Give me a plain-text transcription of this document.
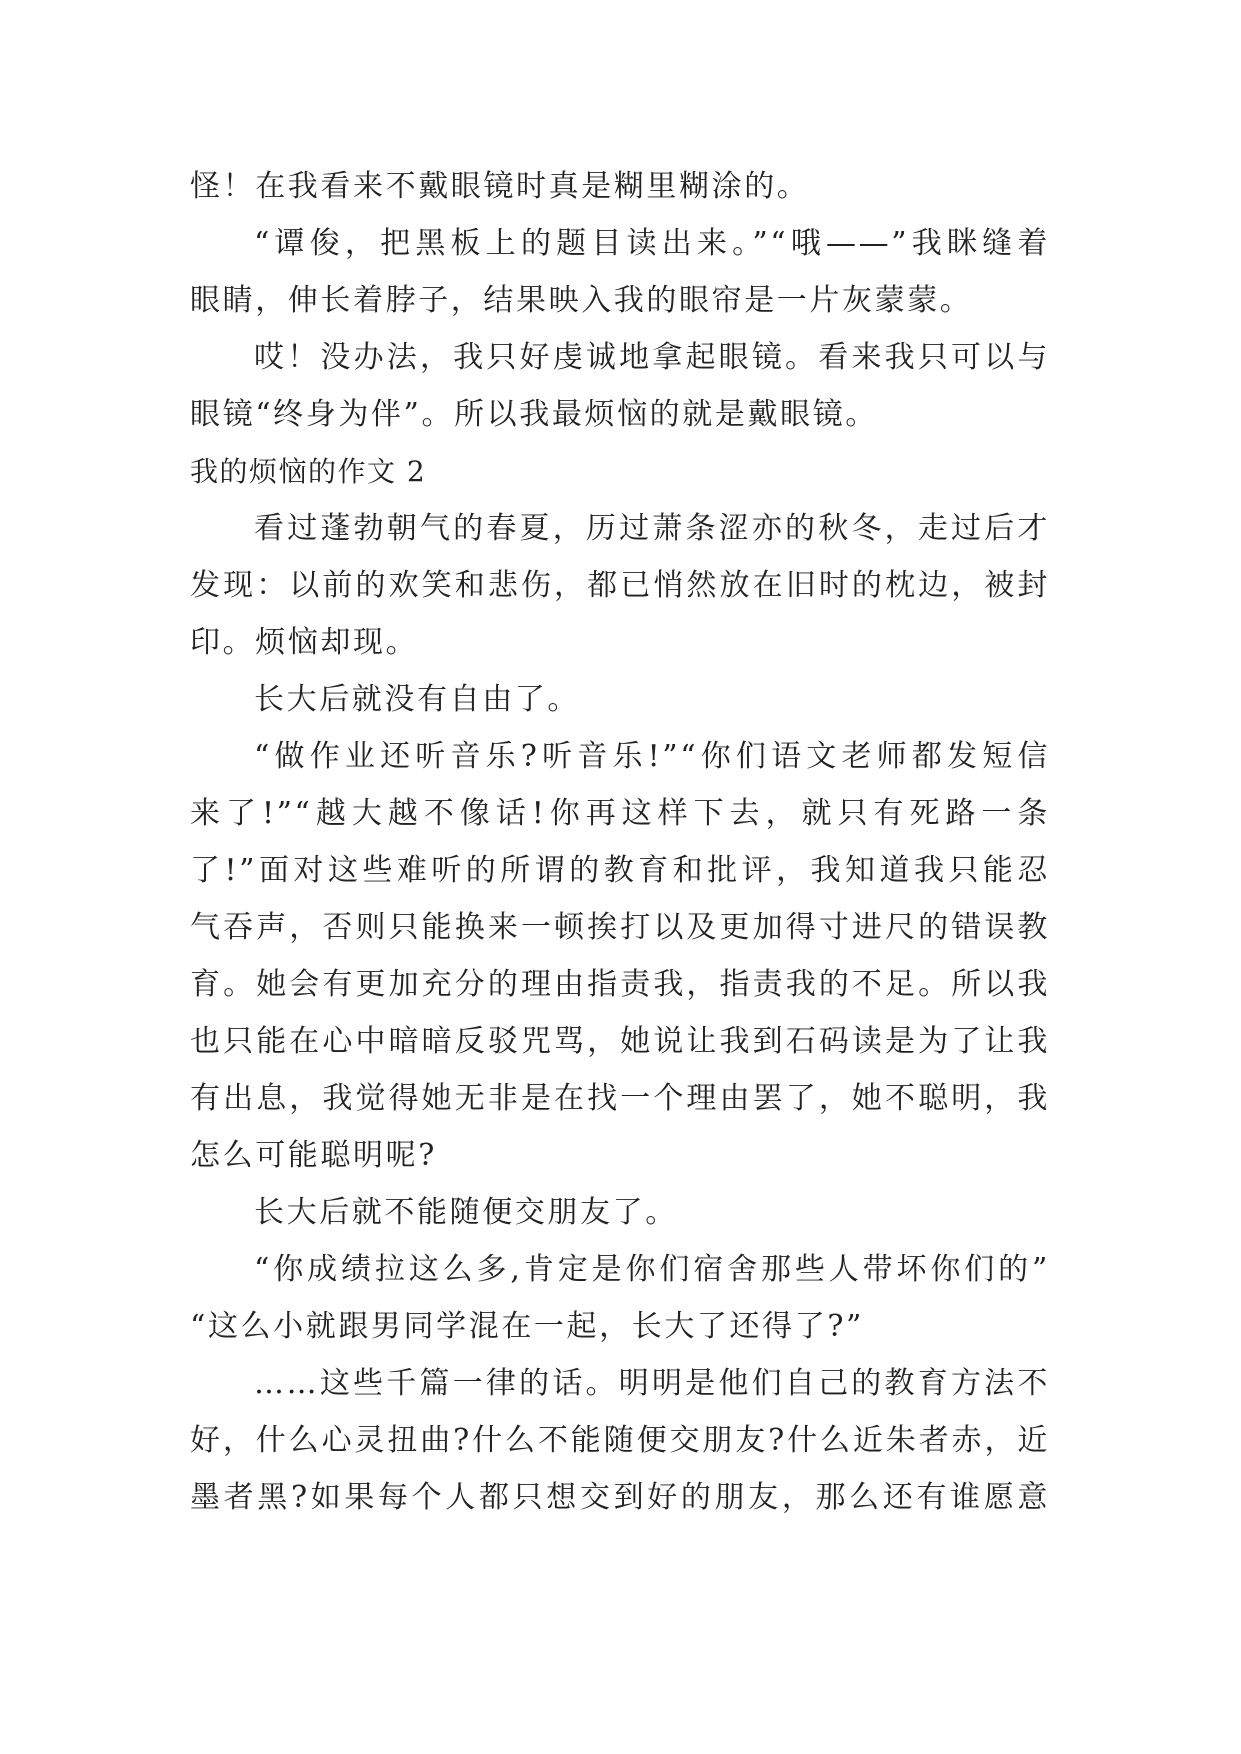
怪！在我看来不戴眼镜时真是糊里糊涂的。
“谭俊，把黑板上的题目读出来。”“哦——”我眯缝着
眼睛，伸长着脖子，结果映入我的眼帘是一片灰蒙蒙。
哎！没办法，我只好虔诚地拿起眼镜。看来我只可以与
眼镜“终身为伴”。所以我最烦恼的就是戴眼镜。
我的烦恼的作文 2
看过蓬勃朝气的春夏，历过萧条涩亦的秋冬，走过后才
发现：以前的欢笑和悲伤，都已悄然放在旧时的枕边，被封
印。烦恼却现。
长大后就没有自由了。
“做作业还听音乐?听音乐!”“你们语文老师都发短信
来了!”“越大越不像话!你再这样下去，就只有死路一条
了!”面对这些难听的所谓的教育和批评，我知道我只能忍
气吞声，否则只能换来一顿挨打以及更加得寸进尺的错误教
育。她会有更加充分的理由指责我，指责我的不足。所以我
也只能在心中暗暗反驳咒骂，她说让我到石码读是为了让我
有出息，我觉得她无非是在找一个理由罢了，她不聪明，我
怎么可能聪明呢?
长大后就不能随便交朋友了。
“你成绩拉这么多,肯定是你们宿舍那些人带坏你们的”
“这么小就跟男同学混在一起，长大了还得了?”
……这些千篇一律的话。明明是他们自己的教育方法不
好，什么心灵扭曲?什么不能随便交朋友?什么近朱者赤，近
墨者黑?如果每个人都只想交到好的朋友，那么还有谁愿意
